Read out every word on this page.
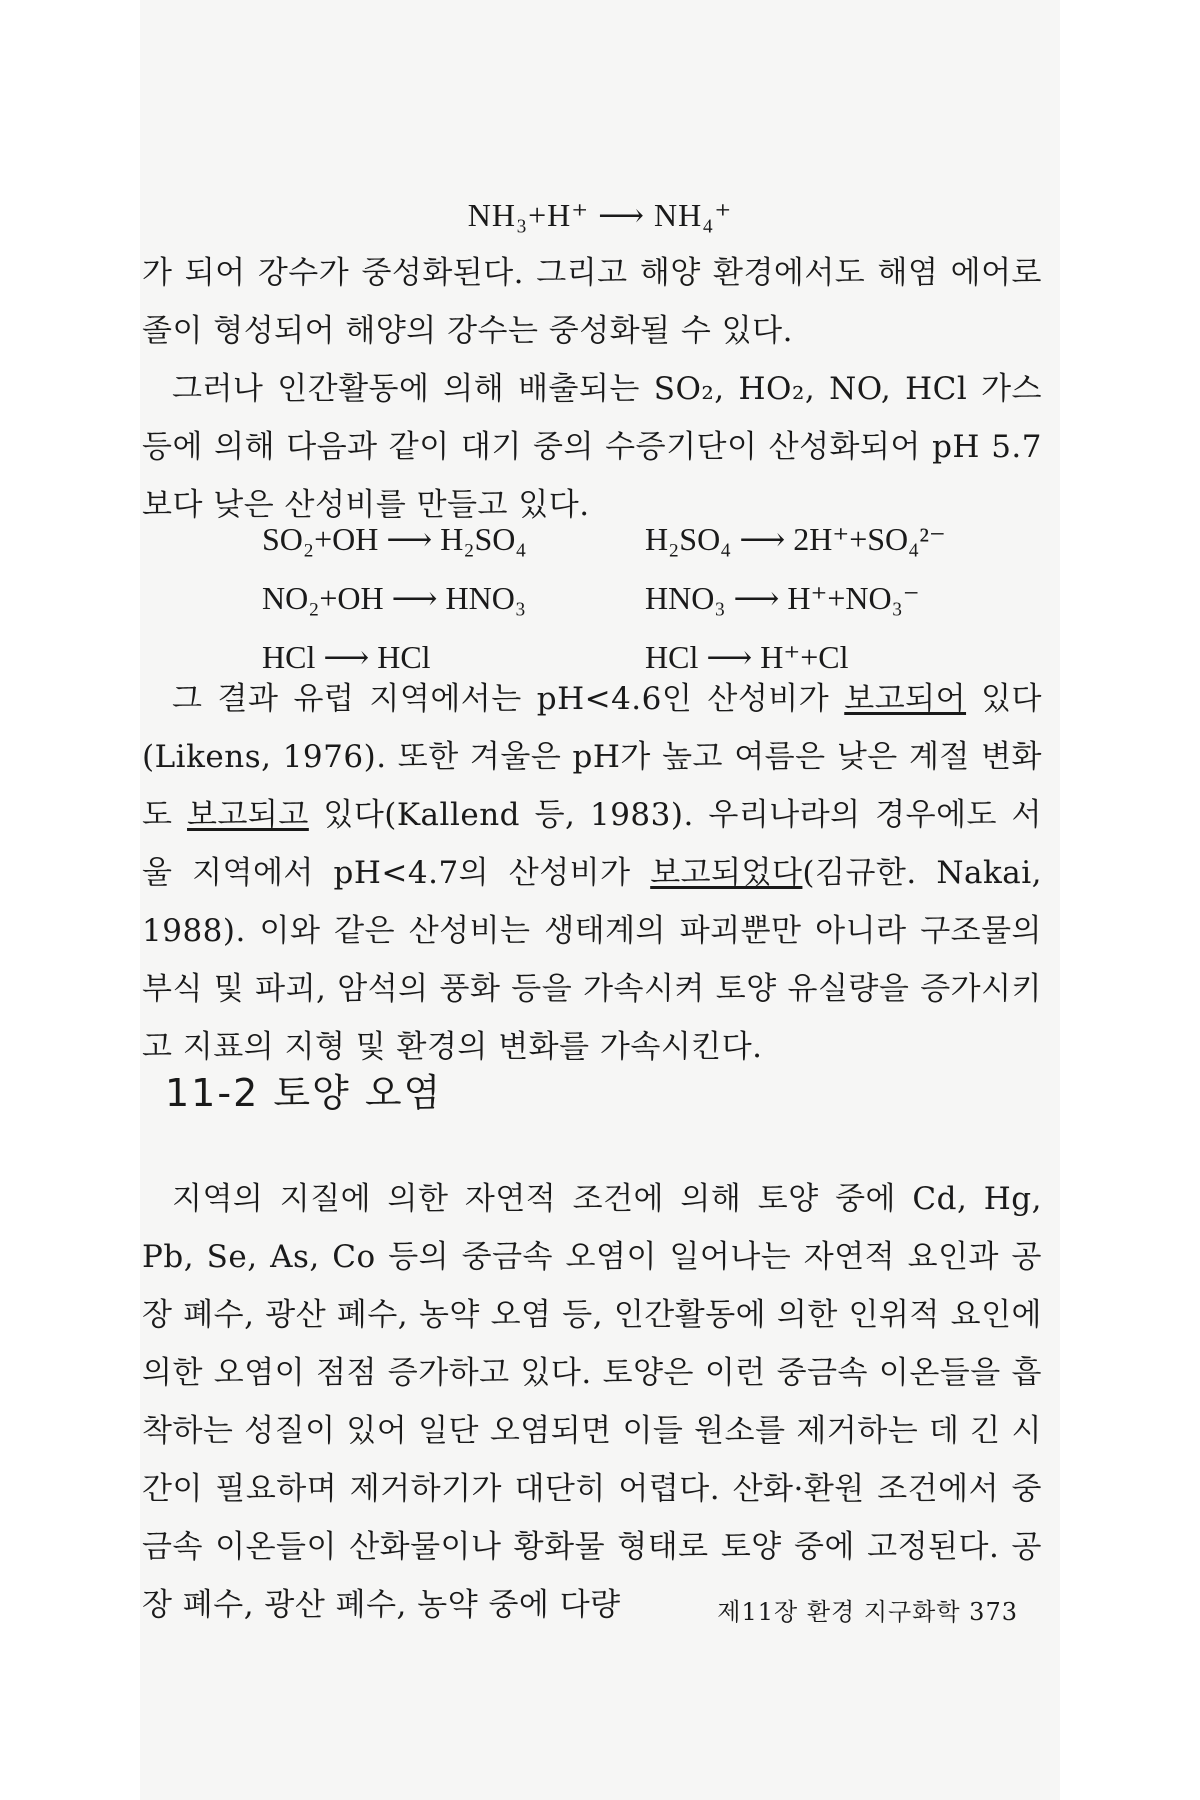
NH₃+H⁺ ⟶ NH₄⁺

가 되어 강수가 중성화된다. 그리고 해양 환경에서도 해염 에어로졸이 형성되어 해양의 강수는 중성화될 수 있다.

그러나 인간활동에 의해 배출되는 SO₂, HO₂, NO, HCl 가스 등에 의해 다음과 같이 대기 중의 수증기단이 산성화되어 pH 5.7보다 낮은 산성비를 만들고 있다.

SO₂+OH ⟶ H₂SO₄	H₂SO₄ ⟶ 2H⁺+SO₄²⁻
NO₂+OH ⟶ HNO₃	HNO₃ ⟶ H⁺+NO₃⁻
HCl ⟶ HCl	HCl ⟶ H⁺+Cl

그 결과 유럽 지역에서는 pH<4.6인 산성비가 보고되어 있다(Likens, 1976). 또한 겨울은 pH가 높고 여름은 낮은 계절 변화도 보고되고 있다(Kallend 등, 1983). 우리나라의 경우에도 서울 지역에서 pH<4.7의 산성비가 보고되었다(김규한. Nakai, 1988). 이와 같은 산성비는 생태계의 파괴뿐만 아니라 구조물의 부식 및 파괴, 암석의 풍화 등을 가속시켜 토양 유실량을 증가시키고 지표의 지형 및 환경의 변화를 가속시킨다.

11-2 토양 오염

지역의 지질에 의한 자연적 조건에 의해 토양 중에 Cd, Hg, Pb, Se, As, Co 등의 중금속 오염이 일어나는 자연적 요인과 공장 폐수, 광산 폐수, 농약 오염 등, 인간활동에 의한 인위적 요인에 의한 오염이 점점 증가하고 있다. 토양은 이런 중금속 이온들을 흡착하는 성질이 있어 일단 오염되면 이들 원소를 제거하는 데 긴 시간이 필요하며 제거하기가 대단히 어렵다. 산화·환원 조건에서 중금속 이온들이 산화물이나 황화물 형태로 토양 중에 고정된다. 공장 폐수, 광산 폐수, 농약 중에 다량	제11장 환경 지구화학 373
